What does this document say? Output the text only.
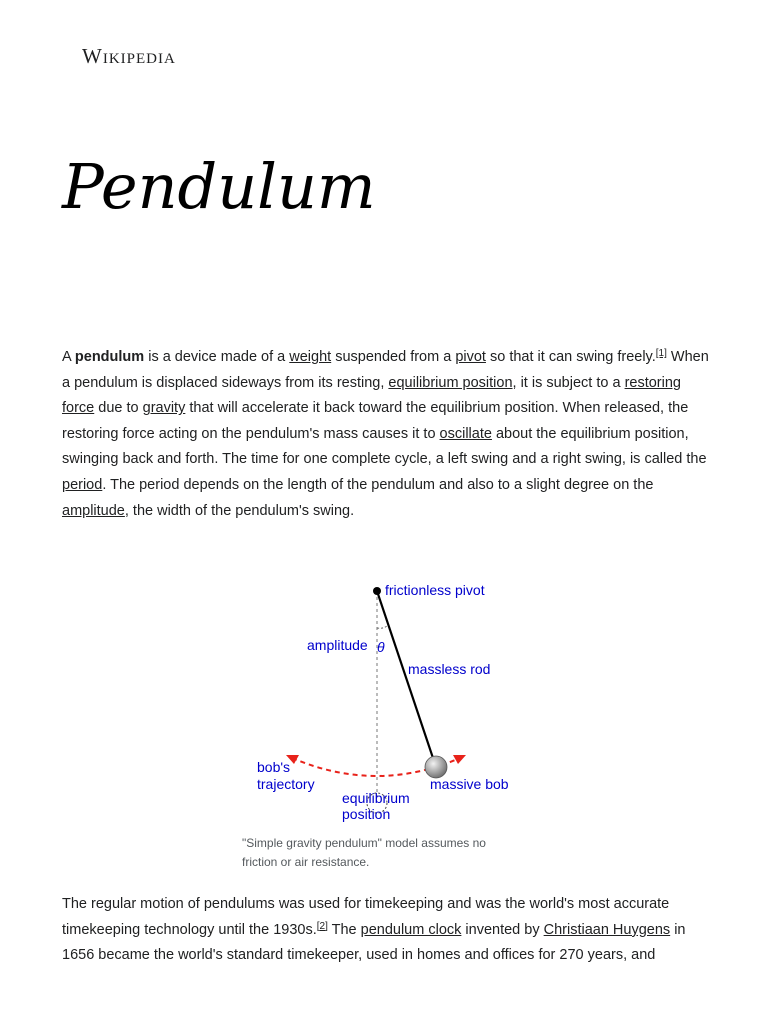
Wikipedia
Pendulum

A pendulum is a device made of a weight suspended from a pivot so that it can swing freely.[1] When a pendulum is displaced sideways from its resting, equilibrium position, it is subject to a restoring force due to gravity that will accelerate it back toward the equilibrium position. When released, the restoring force acting on the pendulum's mass causes it to oscillate about the equilibrium position, swinging back and forth. The time for one complete cycle, a left swing and a right swing, is called the period. The period depends on the length of the pendulum and also to a slight degree on the amplitude, the width of the pendulum's swing.

frictionless pivot
amplitude θ
massless rod
bob's
trajectory	massive bob
equilibrium
position
"Simple gravity pendulum" model assumes no friction or air resistance.

The regular motion of pendulums was used for timekeeping and was the world's most accurate timekeeping technology until the 1930s.[2] The pendulum clock invented by Christiaan Huygens in 1656 became the world's standard timekeeper, used in homes and offices for 270 years, and
